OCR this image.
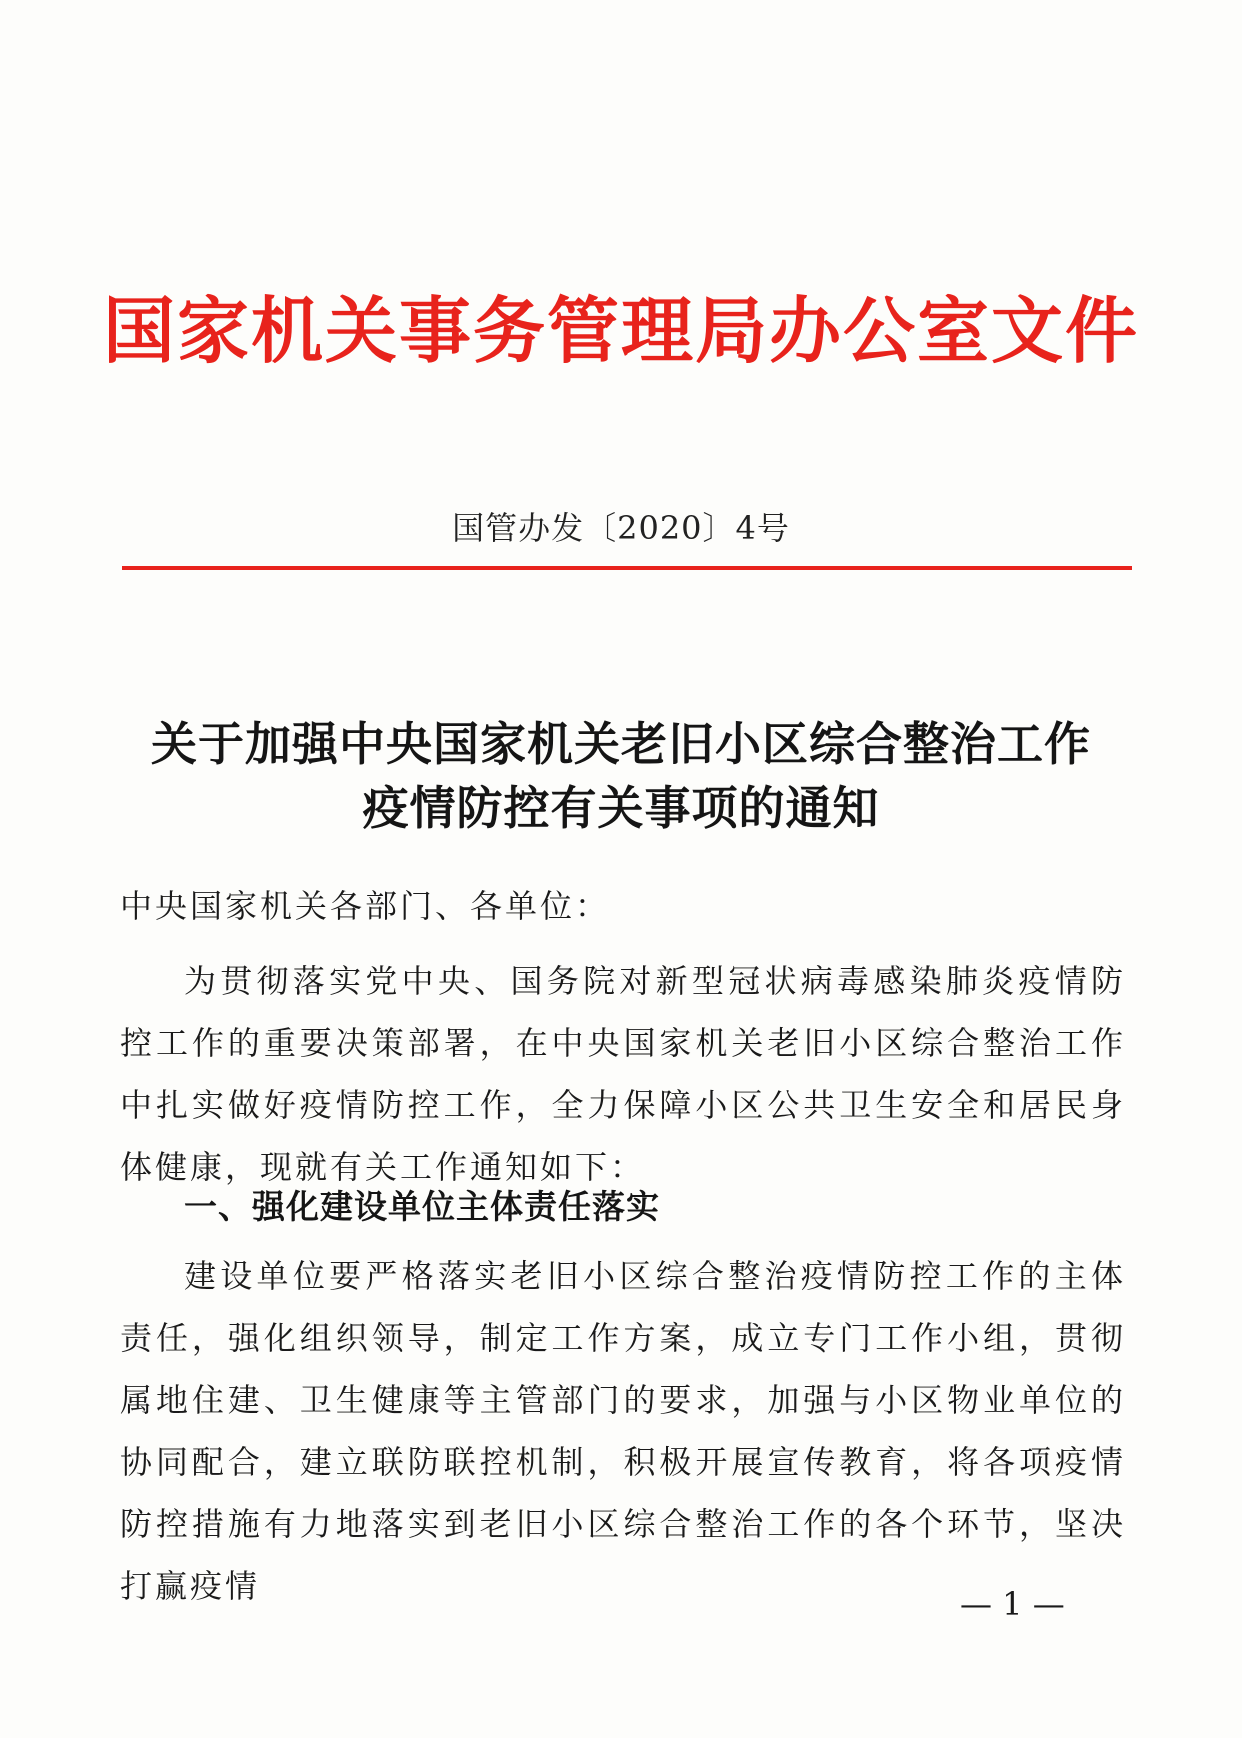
国家机关事务管理局办公室文件
国管办发〔2020〕4号
关于加强中央国家机关老旧小区综合整治工作
疫情防控有关事项的通知
中央国家机关各部门、各单位：
为贯彻落实党中央、国务院对新型冠状病毒感染肺炎疫情防控工作的重要决策部署，在中央国家机关老旧小区综合整治工作中扎实做好疫情防控工作，全力保障小区公共卫生安全和居民身体健康，现就有关工作通知如下：
一、强化建设单位主体责任落实
建设单位要严格落实老旧小区综合整治疫情防控工作的主体责任，强化组织领导，制定工作方案，成立专门工作小组，贯彻属地住建、卫生健康等主管部门的要求，加强与小区物业单位的协同配合，建立联防联控机制，积极开展宣传教育，将各项疫情防控措施有力地落实到老旧小区综合整治工作的各个环节，坚决打赢疫情	— 1 —
